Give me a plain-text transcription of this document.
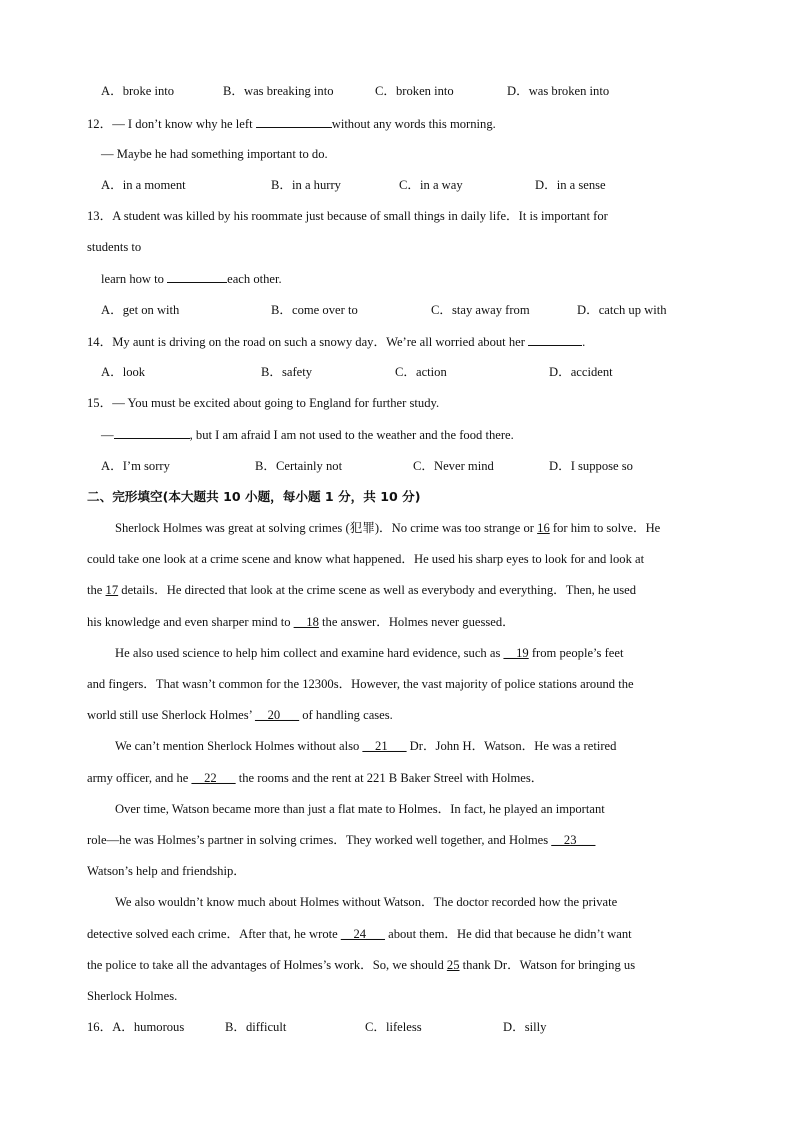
A．broke into	B．was breaking into	C．broken into	D．was broken into
12．— I don’t know why he left	without any words this morning.
— Maybe he had something important to do.
A．in a moment	B．in a hurry	C．in a way	D．in a sense
13．A student was killed by his roommate just because of small things in daily life．It is important for
students to
learn how to	each other.
A．get on with	B．come over to	C．stay away from	D．catch up with
14．My aunt is driving on the road on such a snowy day．We’re all worried about her	.
A．look	B．safety	C．action	D．accident
15．— You must be excited about going to England for further study.
—	, but I am afraid I am not used to the weather and the food there.
A．I’m sorry	B．Certainly not	C．Never mind	D．I suppose so
二、完形填空(本大题共 10 小题，每小题 1 分，共 10 分)
Sherlock Holmes was great at solving crimes (犯罪)．No crime was too strange or 16 for him to solve．He
could take one look at a crime scene and know what happened．He used his sharp eyes to look for and look at
the 17 details．He directed that look at the crime scene as well as everybody and everything．Then, he used
his knowledge and even sharper mind to __18 the answer．Holmes never guessed．
He also used science to help him collect and examine hard evidence, such as __19 from people’s feet
and fingers．That wasn’t common for the 12300s．However, the vast majority of police stations around the
world still use Sherlock Holmes’ __20___ of handling cases.
We can’t mention Sherlock Holmes without also __21___ Dr．John H．Watson．He was a retired
army officer, and he __22___ the rooms and the rent at 221 B Baker Streel with Holmes．
Over time, Watson became more than just a flat mate to Holmes．In fact, he played an important
role—he was Holmes’s partner in solving crimes．They worked well together, and Holmes __23___
Watson’s help and friendship．
We also wouldn’t know much about Holmes without Watson．The doctor recorded how the private
detective solved each crime．After that, he wrote __24___ about them．He did that because he didn’t want
the police to take all the advantages of Holmes’s work．So, we should 25 thank Dr．Watson for bringing us
Sherlock Holmes.
16．A．humorous	B．difficult	C．lifeless	D．silly
